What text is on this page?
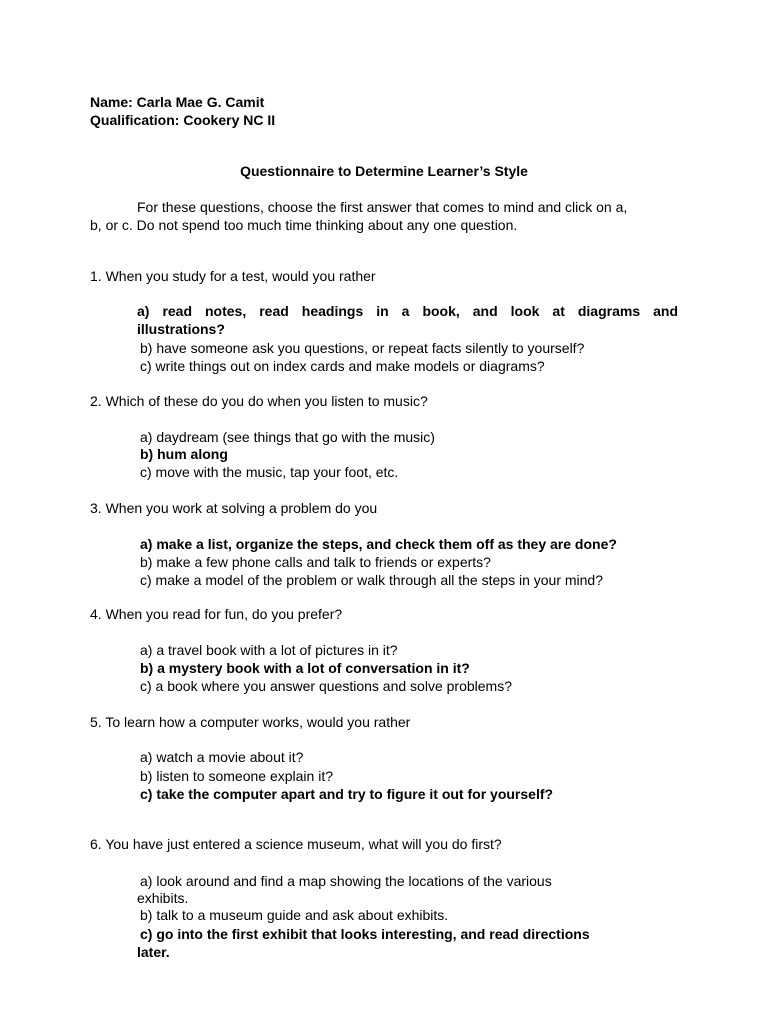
Name: Carla Mae G. Camit
Qualification: Cookery NC II
Questionnaire to Determine Learner’s Style
For these questions, choose the first answer that comes to mind and click on a,
b, or c. Do not spend too much time thinking about any one question.
1. When you study for a test, would you rather
a) read notes, read headings in a book, and look at diagrams and
illustrations?
b) have someone ask you questions, or repeat facts silently to yourself?
c) write things out on index cards and make models or diagrams?
2. Which of these do you do when you listen to music?
a) daydream (see things that go with the music)
b) hum along
c) move with the music, tap your foot, etc.
3. When you work at solving a problem do you
a) make a list, organize the steps, and check them off as they are done?
b) make a few phone calls and talk to friends or experts?
c) make a model of the problem or walk through all the steps in your mind?
4. When you read for fun, do you prefer?
a) a travel book with a lot of pictures in it?
b) a mystery book with a lot of conversation in it?
c) a book where you answer questions and solve problems?
5. To learn how a computer works, would you rather
a) watch a movie about it?
b) listen to someone explain it?
c) take the computer apart and try to figure it out for yourself?
6. You have just entered a science museum, what will you do first?
a) look around and find a map showing the locations of the various
exhibits.
b) talk to a museum guide and ask about exhibits.
c) go into the first exhibit that looks interesting, and read directions
later.
